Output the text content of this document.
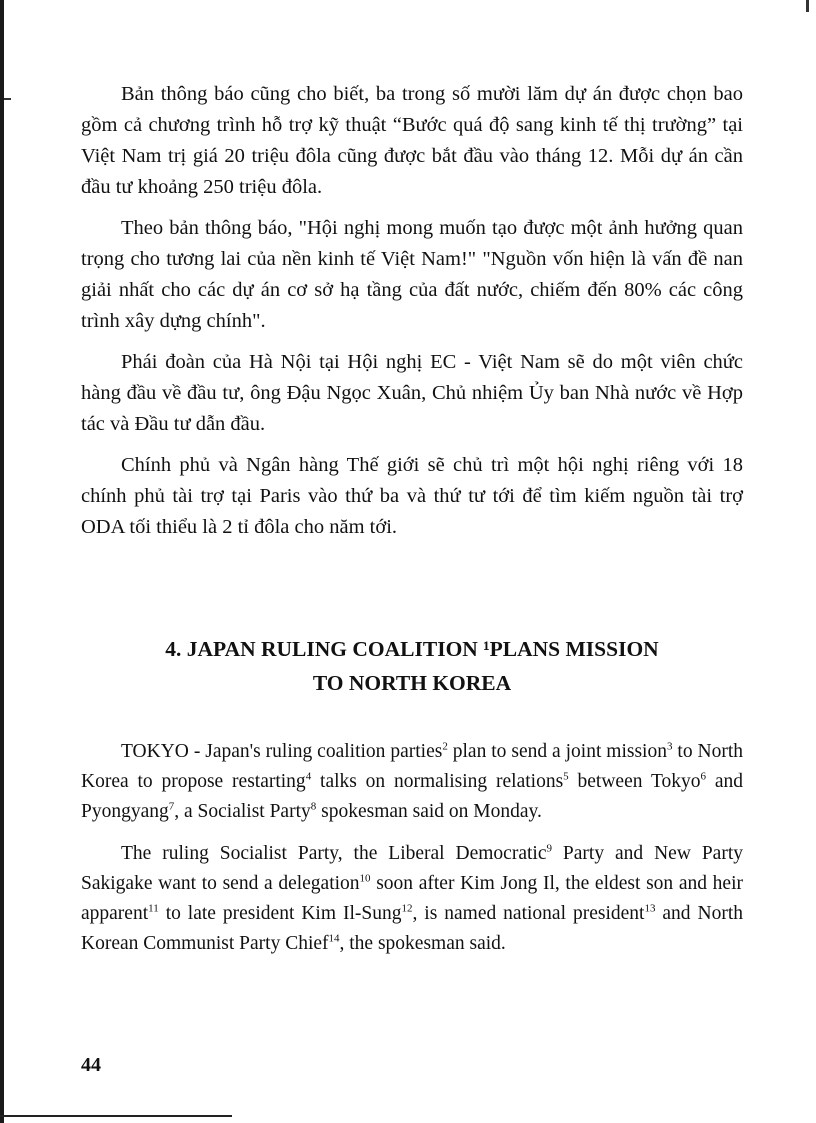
Bản thông báo cũng cho biết, ba trong số mười lăm dự án được chọn bao gồm cả chương trình hỗ trợ kỹ thuật “Bước quá độ sang kinh tế thị trường” tại Việt Nam trị giá 20 triệu đôla cũng được bắt đầu vào tháng 12. Mỗi dự án cần đầu tư khoảng 250 triệu đôla.

Theo bản thông báo, "Hội nghị mong muốn tạo được một ảnh hưởng quan trọng cho tương lai của nền kinh tế Việt Nam!" "Nguồn vốn hiện là vấn đề nan giải nhất cho các dự án cơ sở hạ tầng của đất nước, chiếm đến 80% các công trình xây dựng chính".

Phái đoàn của Hà Nội tại Hội nghị EC - Việt Nam sẽ do một viên chức hàng đầu về đầu tư, ông Đậu Ngọc Xuân, Chủ nhiệm Ủy ban Nhà nước về Hợp tác và Đầu tư dẫn đầu.

Chính phủ và Ngân hàng Thế giới sẽ chủ trì một hội nghị riêng với 18 chính phủ tài trợ tại Paris vào thứ ba và thứ tư tới để tìm kiếm nguồn tài trợ ODA tối thiểu là 2 tỉ đôla cho năm tới.

4. JAPAN RULING COALITION ¹PLANS MISSION
TO NORTH KOREA

TOKYO - Japan's ruling coalition parties$^2$ plan to send a joint mission$^3$ to North Korea to propose restarting$^4$ talks on normalising relations$^5$ between Tokyo$^6$ and Pyongyang$^7$, a Socialist Party$^8$ spokesman said on Monday.

The ruling Socialist Party, the Liberal Democratic$^9$ Party and New Party Sakigake want to send a delegation$^{10}$ soon after Kim Jong Il, the eldest son and heir apparent$^{11}$ to late president Kim Il-Sung$^{12}$, is named national president$^{13}$ and North Korean Communist Party Chief$^{14}$, the spokesman said.

44
